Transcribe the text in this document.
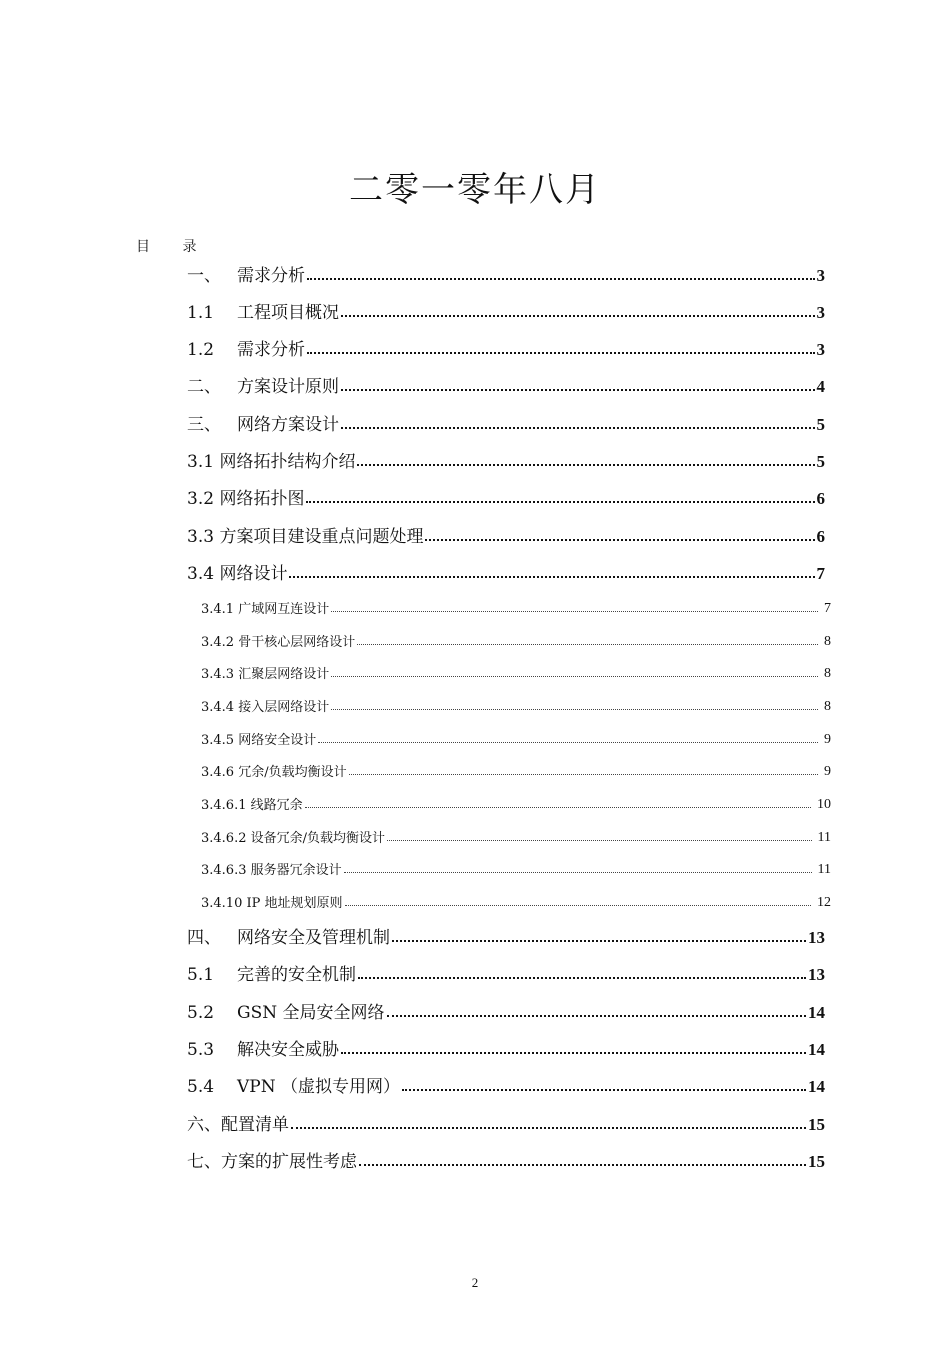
二零一零年八月
目 录
一、 需求分析	3
1.1	工程项目概况	3
1.2	需求分析	3
二、 方案设计原则	4
三、 网络方案设计	5
3.1 网络拓扑结构介绍	5
3.2 网络拓扑图	6
3.3 方案项目建设重点问题处理	6
3.4 网络设计	7
3.4.1 广域网互连设计	7
3.4.2 骨干核心层网络设计	8
3.4.3 汇聚层网络设计	8
3.4.4 接入层网络设计	8
3.4.5 网络安全设计	9
3.4.6 冗余/负载均衡设计	9
3.4.6.1 线路冗余	10
3.4.6.2 设备冗余/负载均衡设计	11
3.4.6.3 服务器冗余设计	11
3.4.10 IP 地址规划原则	12
四、 网络安全及管理机制	13
5.1	完善的安全机制	13
5.2	GSN 全局安全网络	14
5.3	解决安全威胁	14
5.4	VPN （虚拟专用网）	14
六、配置清单	15
七、方案的扩展性考虑	15
2
